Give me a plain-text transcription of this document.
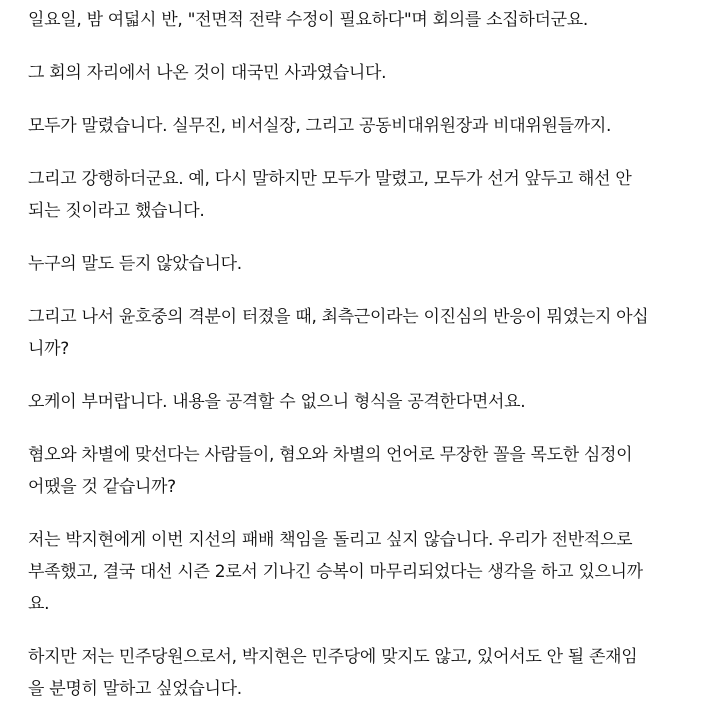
일요일, 밤 여덟시 반, "전면적 전략 수정이 필요하다"며 회의를 소집하더군요.

그 회의 자리에서 나온 것이 대국민 사과였습니다.

모두가 말렸습니다. 실무진, 비서실장, 그리고 공동비대위원장과 비대위원들까지.

그리고 강행하더군요. 예, 다시 말하지만 모두가 말렸고, 모두가 선거 앞두고 해선 안
되는 짓이라고 했습니다.

누구의 말도 듣지 않았습니다.

그리고 나서 윤호중의 격분이 터졌을 때, 최측근이라는 이진심의 반응이 뭐였는지 아십
니까?

오케이 부머랍니다. 내용을 공격할 수 없으니 형식을 공격한다면서요.

혐오와 차별에 맞선다는 사람들이, 혐오와 차별의 언어로 무장한 꼴을 목도한 심정이
어땠을 것 같습니까?

저는 박지현에게 이번 지선의 패배 책임을 돌리고 싶지 않습니다. 우리가 전반적으로
부족했고, 결국 대선 시즌 2로서 기나긴 승복이 마무리되었다는 생각을 하고 있으니까
요.

하지만 저는 민주당원으로서, 박지현은 민주당에 맞지도 않고, 있어서도 안 될 존재임
을 분명히 말하고 싶었습니다.
